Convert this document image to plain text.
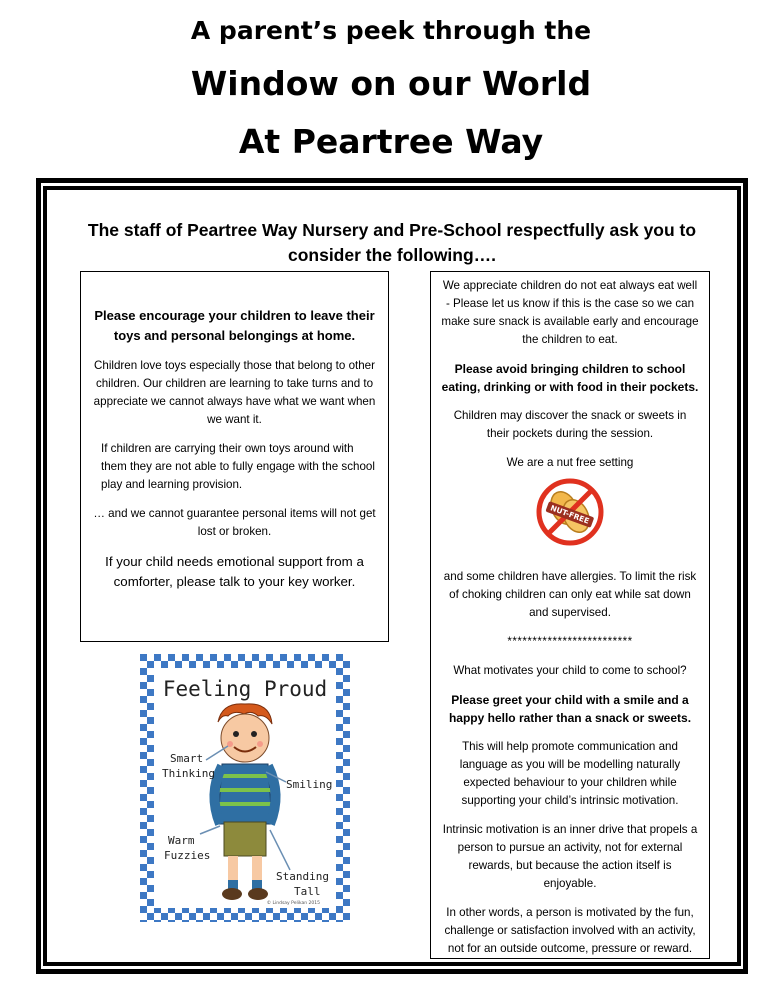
A parent’s peek through the
Window on our World
At Peartree Way
The staff of Peartree Way Nursery and Pre-School respectfully ask you to consider the following….

Please encourage your children to leave their toys and personal belongings at home.

Children love toys especially those that belong to other children. Our children are learning to take turns and to appreciate we cannot always have what we want when we want it.

If children are carrying their own toys around with them they are not able to fully engage with the school play and learning provision.

… and we cannot guarantee personal items will not get lost or broken.

If your child needs emotional support from a comforter, please talk to your key worker.

We appreciate children do not eat always eat well - Please let us know if this is the case so we can make sure snack is available early and encourage the children to eat.

Please avoid bringing children to school eating, drinking or with food in their pockets.

Children may discover the snack or sweets in their pockets during the session.

We are a nut free setting

NUT-FREE

and some children have allergies. To limit the risk of choking children can only eat while sat down and supervised.

*************************

What motivates your child to come to school?

Please greet your child with a smile and a happy hello rather than a snack or sweets.

This will help promote communication and language as you will be modelling naturally expected behaviour to your children while supporting your child’s intrinsic motivation.

Intrinsic motivation is an inner drive that propels a person to pursue an activity, not for external rewards, but because the action itself is enjoyable.

In other words, a person is motivated by the fun, challenge or satisfaction involved with an activity, not for an outside outcome, pressure or reward.

Feeling Proud
Smart
Thinking
Smiling
Warm
Fuzzies
Standing
Tall
© Lindsay Pelikan 2015
